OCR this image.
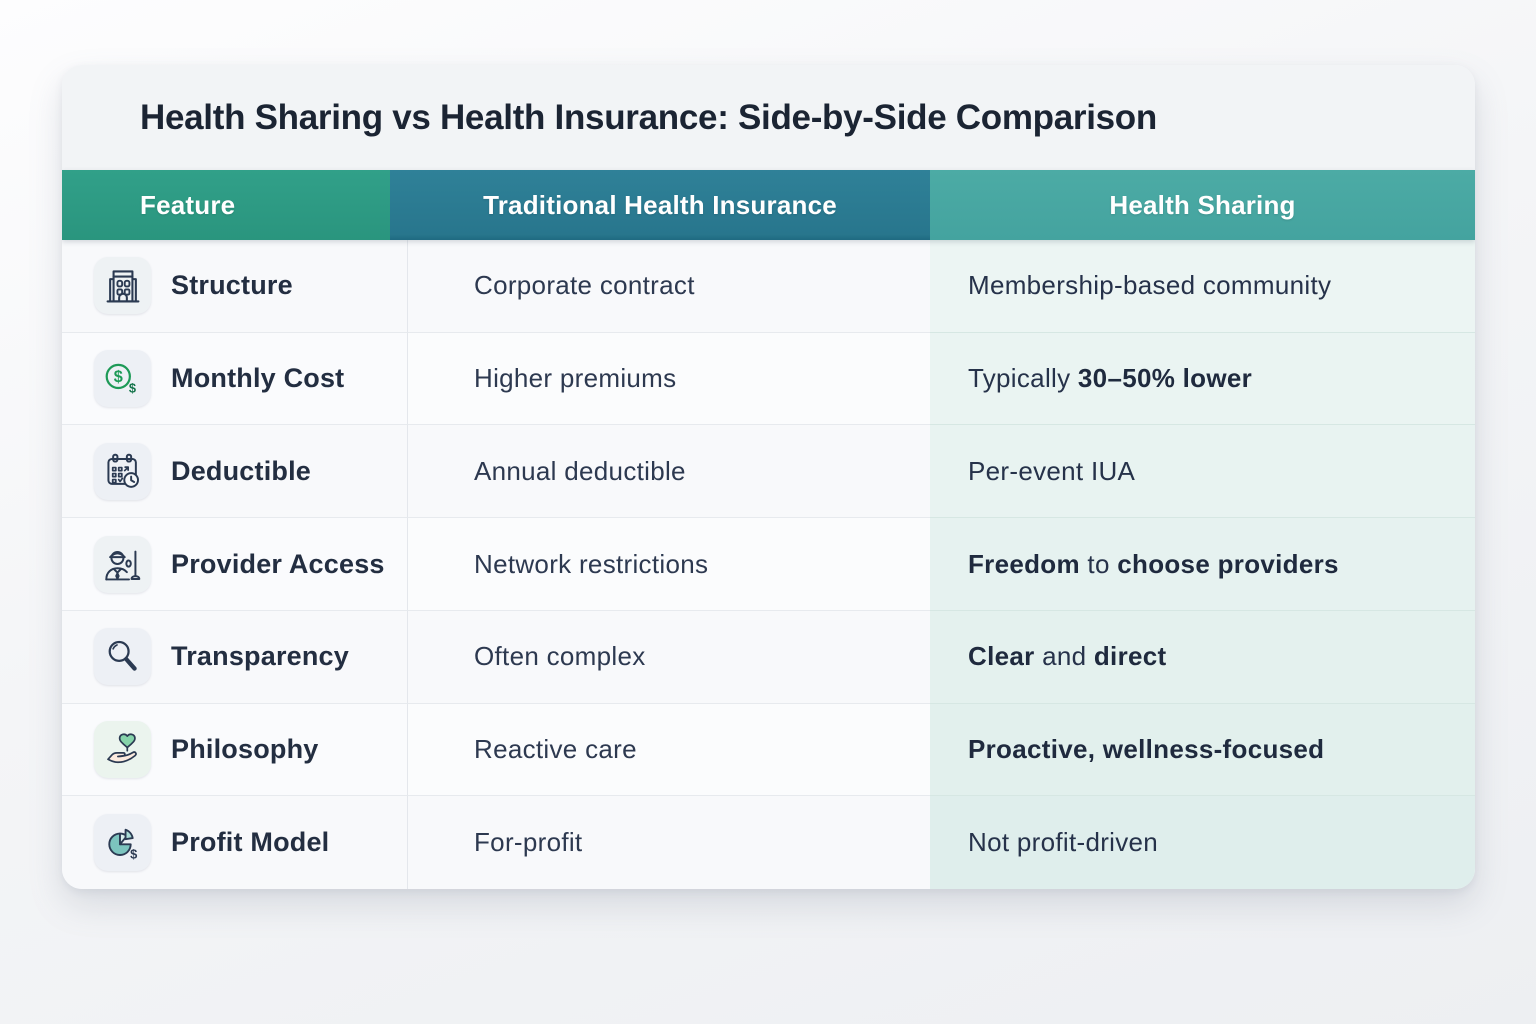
Health Sharing vs Health Insurance: Side-by-Side Comparison
Feature	Traditional Health Insurance	Health Sharing
Structure	Corporate contract	Membership-based community
$
$ Monthly Cost	Higher premiums	Typically 30–50% lower
Deductible	Annual deductible	Per-event IUA
Provider Access	Network restrictions	Freedom to choose providers
Transparency	Often complex	Clear and direct
Philosophy	Reactive care	Proactive, wellness-focused
$ Profit Model	For-profit	Not profit-driven
